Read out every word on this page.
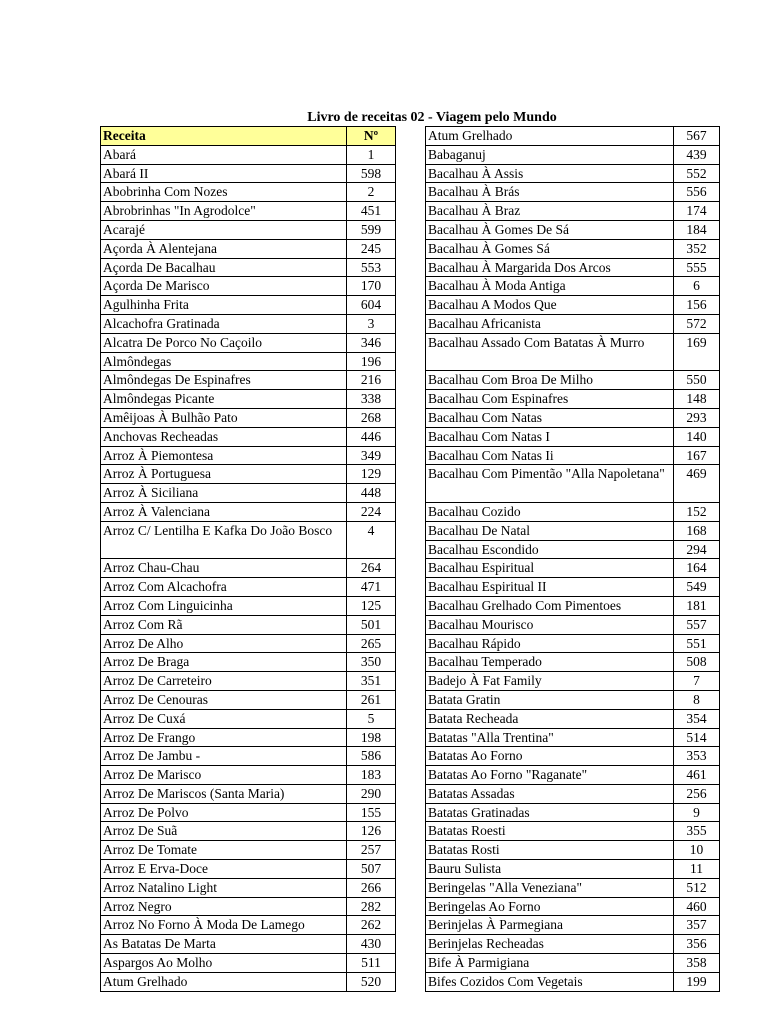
Livro de receitas 02 - Viagem pelo Mundo
Receita	Nº
Abará	1
Abará II	598
Abobrinha Com Nozes	2
Abrobrinhas "In Agrodolce"	451
Acarajé	599
Açorda À Alentejana	245
Açorda De Bacalhau	553
Açorda De Marisco	170
Agulhinha Frita	604
Alcachofra Gratinada	3
Alcatra De Porco No Caçoilo	346
Almôndegas	196
Almôndegas De Espinafres	216
Almôndegas Picante	338
Amêijoas À Bulhão Pato	268
Anchovas Recheadas	446
Arroz À Piemontesa	349
Arroz À Portuguesa	129
Arroz À Siciliana	448
Arroz À Valenciana	224
Arroz C/ Lentilha E Kafka Do João Bosco	4
Arroz Chau-Chau	264
Arroz Com Alcachofra	471
Arroz Com Linguicinha	125
Arroz Com Rã	501
Arroz De Alho	265
Arroz De Braga	350
Arroz De Carreteiro	351
Arroz De Cenouras	261
Arroz De Cuxá	5
Arroz De Frango	198
Arroz De Jambu -	586
Arroz De Marisco	183
Arroz De Mariscos (Santa Maria)	290
Arroz De Polvo	155
Arroz De Suã	126
Arroz De Tomate	257
Arroz E Erva-Doce	507
Arroz Natalino Light	266
Arroz Negro	282
Arroz No Forno À Moda De Lamego	262
As Batatas De Marta	430
Aspargos Ao Molho	511
Atum Grelhado	520
Atum Grelhado	567
Babaganuj	439
Bacalhau À Assis	552
Bacalhau À Brás	556
Bacalhau À Braz	174
Bacalhau À Gomes De Sá	184
Bacalhau À Gomes Sá	352
Bacalhau À Margarida Dos Arcos	555
Bacalhau À Moda Antiga	6
Bacalhau A Modos Que	156
Bacalhau Africanista	572
Bacalhau Assado Com Batatas À Murro	169
Bacalhau Com Broa De Milho	550
Bacalhau Com Espinafres	148
Bacalhau Com Natas	293
Bacalhau Com Natas I	140
Bacalhau Com Natas Ii	167
Bacalhau Com Pimentão "Alla Napoletana"	469
Bacalhau Cozido	152
Bacalhau De Natal	168
Bacalhau Escondido	294
Bacalhau Espiritual	164
Bacalhau Espiritual II	549
Bacalhau Grelhado Com Pimentoes	181
Bacalhau Mourisco	557
Bacalhau Rápido	551
Bacalhau Temperado	508
Badejo À Fat Family	7
Batata Gratin	8
Batata Recheada	354
Batatas "Alla Trentina"	514
Batatas Ao Forno	353
Batatas Ao Forno "Raganate"	461
Batatas Assadas	256
Batatas Gratinadas	9
Batatas Roesti	355
Batatas Rosti	10
Bauru Sulista	11
Beringelas "Alla Veneziana"	512
Beringelas Ao Forno	460
Berinjelas À Parmegiana	357
Berinjelas Recheadas	356
Bife À Parmigiana	358
Bifes Cozidos Com Vegetais	199
